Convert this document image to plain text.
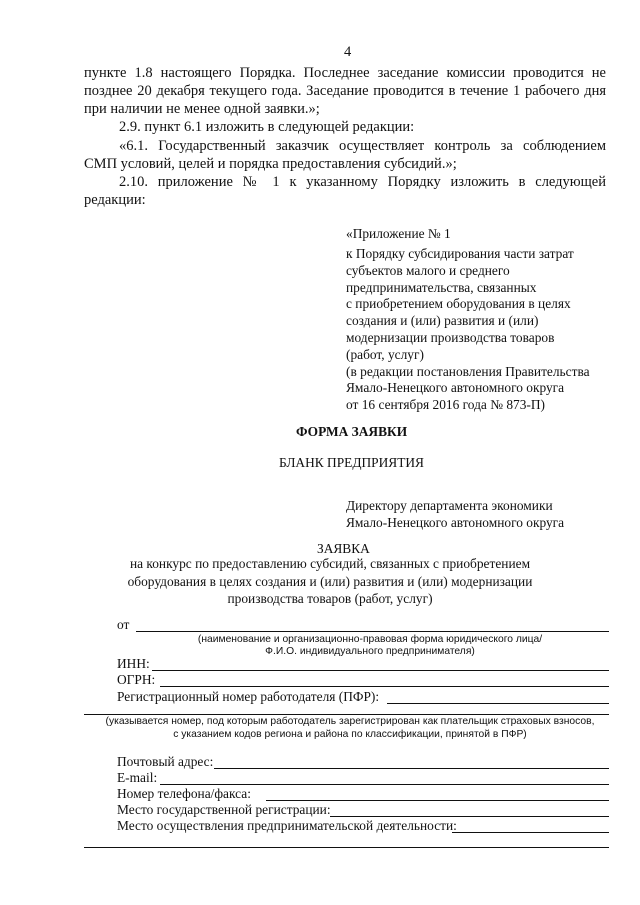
4
пункте 1.8 настоящего Порядка. Последнее заседание комиссии проводится не
позднее 20 декабря текущего года. Заседание проводится в течение 1 рабочего дня
при наличии не менее одной заявки.»;
2.9. пункт 6.1 изложить в следующей редакции:
«6.1. Государственный заказчик осуществляет контроль за соблюдением
СМП условий, целей и порядка предоставления субсидий.»;
2.10. приложение № 1 к указанному Порядку изложить в следующей
редакции:
«Приложение № 1
к Порядку субсидирования части затрат
субъектов малого и среднего
предпринимательства, связанных
с приобретением оборудования в целях
создания и (или) развития и (или)
модернизации производства товаров
(работ, услуг)
(в редакции постановления Правительства
Ямало-Ненецкого автономного округа
от 16 сентября 2016 года № 873-П)
ФОРМА ЗАЯВКИ
БЛАНК ПРЕДПРИЯТИЯ
Директору департамента экономики
Ямало-Ненецкого автономного округа
ЗАЯВКА
на конкурс по предоставлению субсидий, связанных с приобретением
оборудования в целях создания и (или) развития и (или) модернизации
производства товаров (работ, услуг)
от
(наименование и организационно-правовая форма юридического лица/
Ф.И.О. индивидуального предпринимателя)
ИНН:
ОГРН:
Регистрационный номер работодателя (ПФР):
(указывается номер, под которым работодатель зарегистрирован как плательщик страховых взносов,
с указанием кодов региона и района по классификации, принятой в ПФР)
Почтовый адрес:
E-mail:
Номер телефона/факса:
Место государственной регистрации:
Место осуществления предпринимательской деятельности:
